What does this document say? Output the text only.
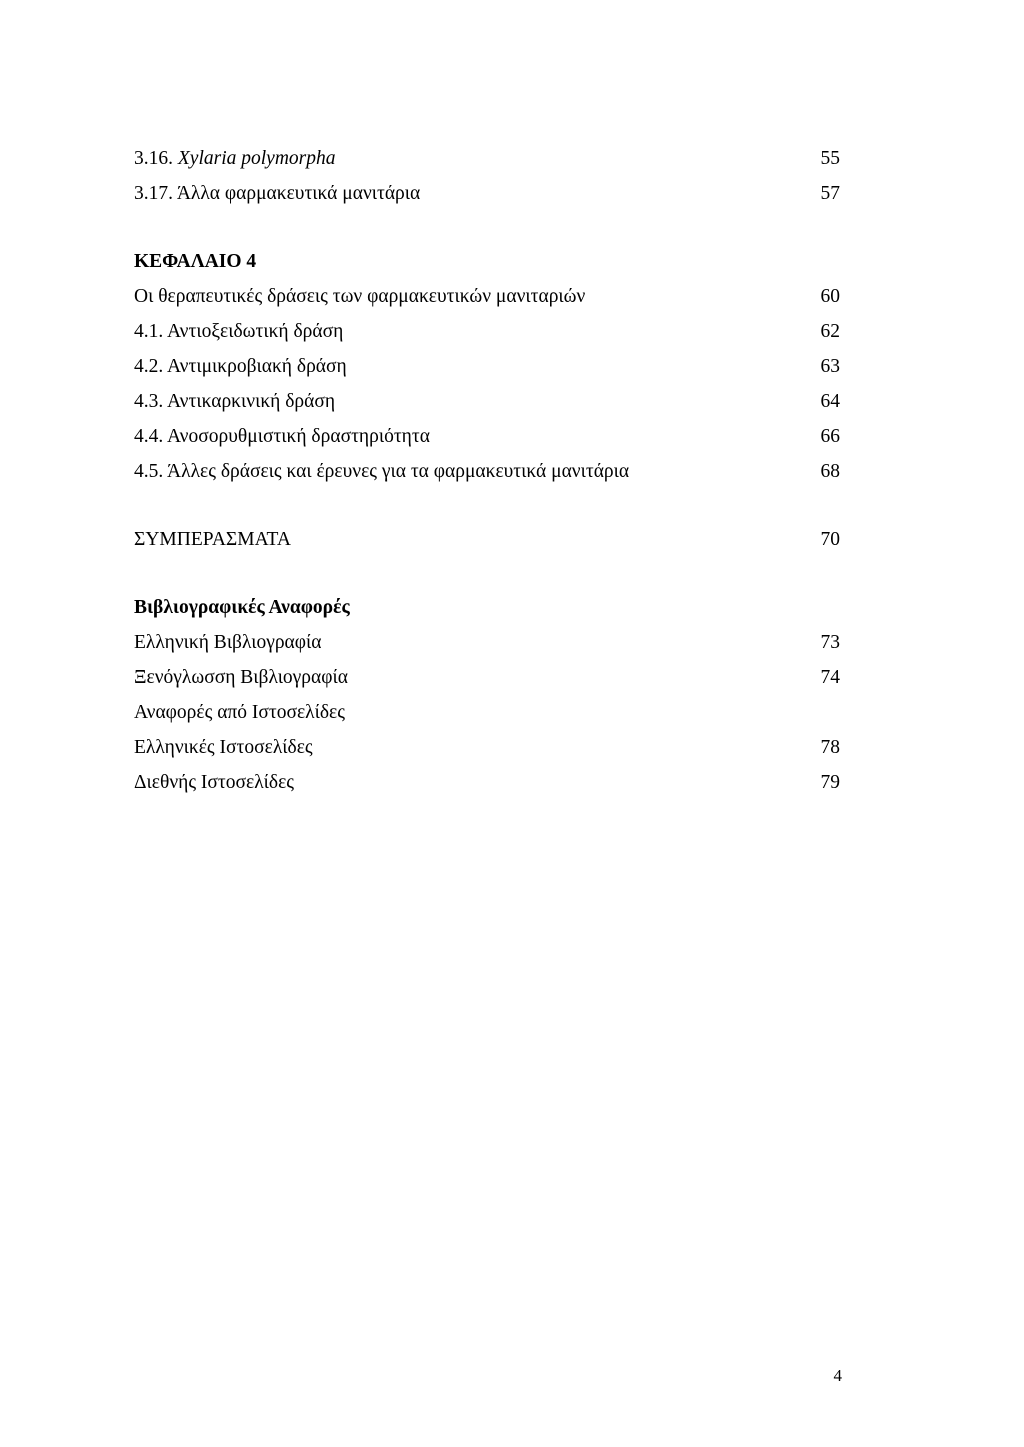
3.16. Xylaria polymorpha	55
3.17. Άλλα φαρμακευτικά μανιτάρια	57
ΚΕΦΑΛΑΙΟ 4
Οι θεραπευτικές δράσεις των φαρμακευτικών μανιταριών	60
4.1. Αντιοξειδωτική δράση	62
4.2. Αντιμικροβιακή δράση	63
4.3. Αντικαρκινική δράση	64
4.4. Ανοσορυθμιστική δραστηριότητα	66
4.5. Άλλες δράσεις και έρευνες για τα φαρμακευτικά μανιτάρια	68
ΣΥΜΠΕΡΑΣΜΑΤΑ	70
Βιβλιογραφικές Αναφορές
Ελληνική Βιβλιογραφία	73
Ξενόγλωσση Βιβλιογραφία	74
Αναφορές από Ιστοσελίδες
Ελληνικές Ιστοσελίδες	78
Διεθνής Ιστοσελίδες	79
4
